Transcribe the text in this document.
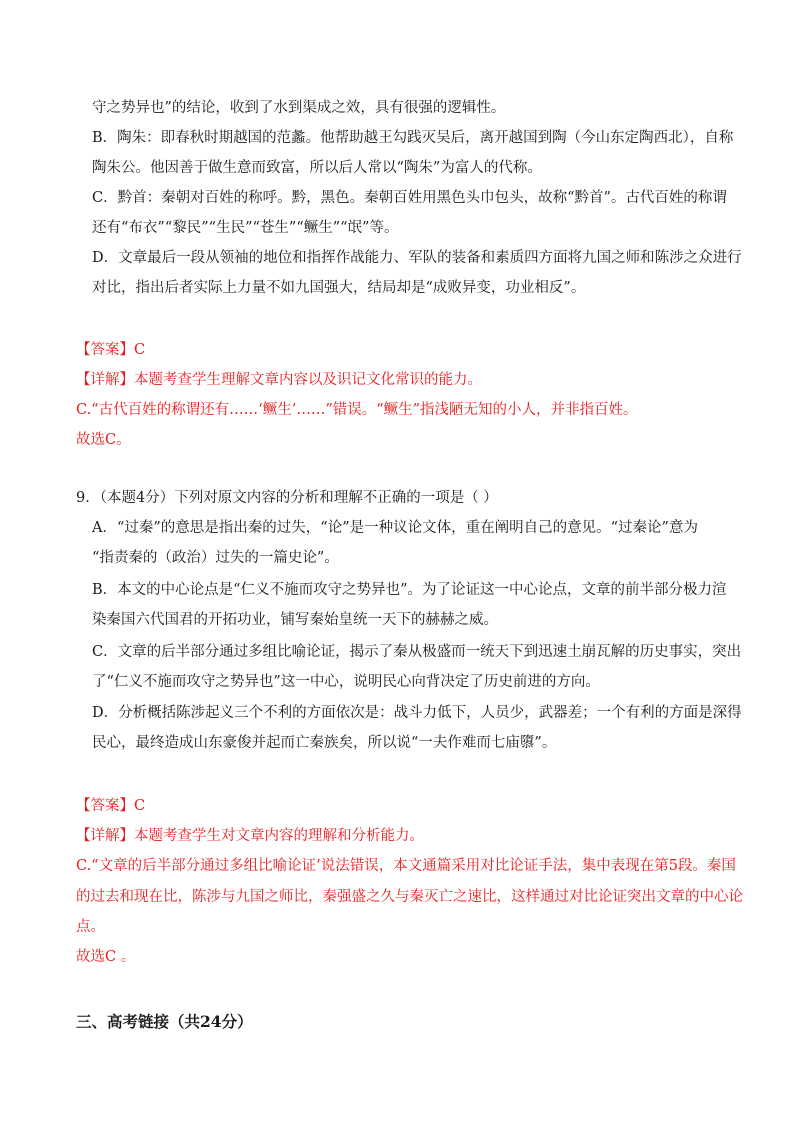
守之势异也”的结论，收到了水到渠成之效，具有很强的逻辑性。
B．陶朱：即春秋时期越国的范蠡。他帮助越王勾践灭吴后，离开越国到陶（今山东定陶西北），自称
陶朱公。他因善于做生意而致富，所以后人常以“陶朱”为富人的代称。
C．黔首：秦朝对百姓的称呼。黔，黑色。秦朝百姓用黑色头巾包头，故称“黔首”。古代百姓的称谓
还有“布衣”“黎民”“生民”“苍生”“鳜生”“氓”等。
D．文章最后一段从领袖的地位和指挥作战能力、军队的装备和素质四方面将九国之师和陈涉之众进行
对比，指出后者实际上力量不如九国强大，结局却是“成败异变，功业相反”。
【答案】C
【详解】本题考查学生理解文章内容以及识记文化常识的能力。
C.“古代百姓的称谓还有……‘鳜生’……”错误。“鳜生”指浅陋无知的小人，并非指百姓。
故选C。
9．（本题4分）下列对原文内容的分析和理解不正确的一项是（ ）
A．“过秦”的意思是指出秦的过失，“论”是一种议论文体，重在阐明自己的意见。“过秦论”意为
“指责秦的（政治）过失的一篇史论”。
B．本文的中心论点是“仁义不施而攻守之势异也”。为了论证这一中心论点，文章的前半部分极力渲
染秦国六代国君的开拓功业，铺写秦始皇统一天下的赫赫之威。
C．文章的后半部分通过多组比喻论证，揭示了秦从极盛而一统天下到迅速土崩瓦解的历史事实，突出
了“仁义不施而攻守之势异也”这一中心，说明民心向背决定了历史前进的方向。
D．分析概括陈涉起义三个不利的方面依次是：战斗力低下，人员少，武器差；一个有利的方面是深得
民心，最终造成山东豪俊并起而亡秦族矣，所以说“一夫作难而七庙隳”。
【答案】C
【详解】本题考查学生对文章内容的理解和分析能力。
C.“文章的后半部分通过多组比喻论证’说法错误，本文通篇采用对比论证手法，集中表现在第5段。秦国
的过去和现在比，陈涉与九国之师比，秦强盛之久与秦灭亡之速比，这样通过对比论证突出文章的中心论
点。
故选C 。
三、高考链接（共24分）
